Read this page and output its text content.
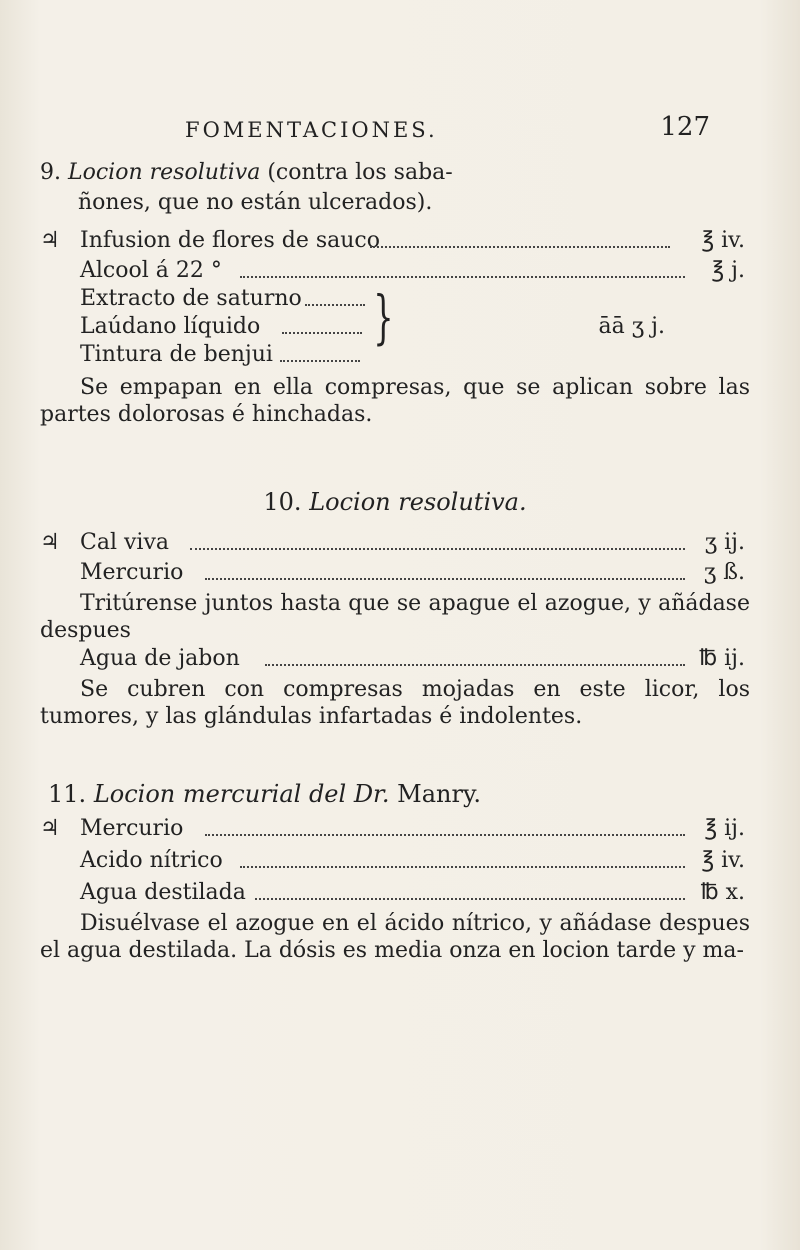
FOMENTACIONES.	127
9. Locion resolutiva (contra los saba-
ñones, que no están ulcerados).
♃ Infusion de flores de sauco	℥ iv.
Alcool á 22 °	℥ j.
Extracto de saturno
Laúdano líquido	āā ʒ j.
Tintura de benjui
}
Se empapan en ella compresas, que se aplican sobre las partes dolorosas é hinchadas.
10. Locion resolutiva.
♃ Cal viva	ʒ ij.
Mercurio	ʒ ß.
Tritúrense juntos hasta que se apague el azogue, y añádase despues
Agua de jabon	℔ ij.
Se cubren con compresas mojadas en este licor, los tumores, y las glándulas infartadas é indolentes.
11. Locion mercurial del Dr. Manry.
♃ Mercurio	℥ ij.
Acido nítrico	℥ iv.
Agua destilada	℔ x.
Disuélvase el azogue en el ácido nítrico, y añádase despues el agua destilada. La dósis es media onza en locion tarde y ma-
